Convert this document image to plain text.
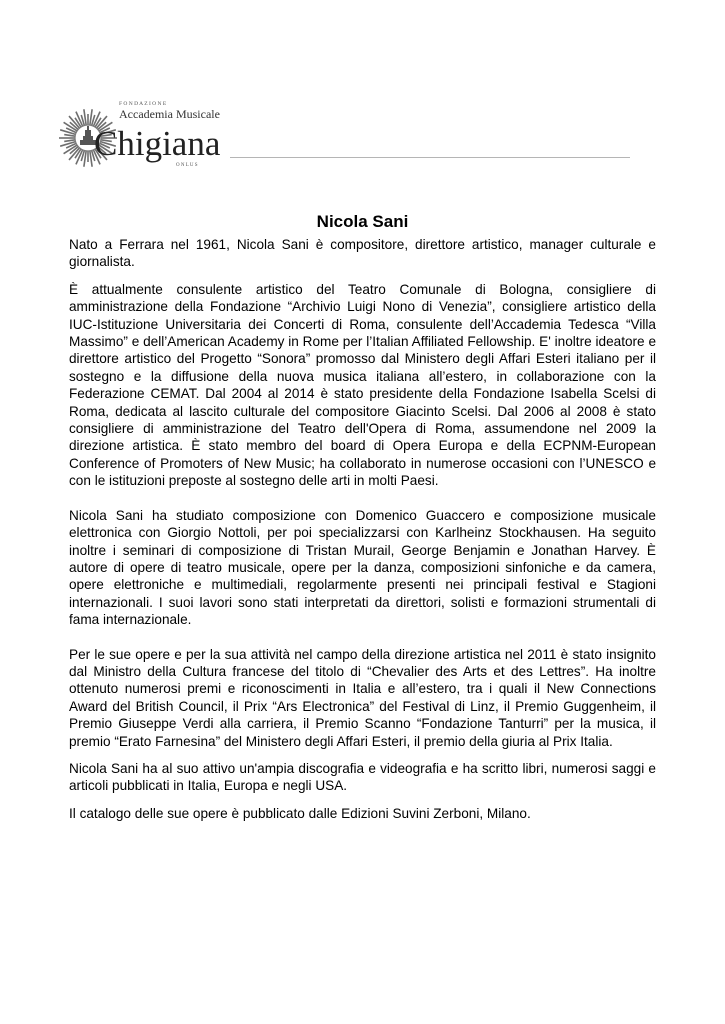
F O N D A Z I O N E
Accademia Musicale
Chigiana
O N L U S
Nicola Sani

Nato a Ferrara nel 1961, Nicola Sani è compositore, direttore artistico, manager culturale e giornalista.

È attualmente consulente artistico del Teatro Comunale di Bologna, consigliere di amministrazione della Fondazione “Archivio Luigi Nono di Venezia”, consigliere artistico della IUC-Istituzione Universitaria dei Concerti di Roma, consulente dell’Accademia Tedesca “Villa Massimo” e dell’American Academy in Rome per l’Italian Affiliated Fellowship. E' inoltre ideatore e direttore artistico del Progetto “Sonora” promosso dal Ministero degli Affari Esteri italiano per il sostegno e la diffusione della nuova musica italiana all’estero, in collaborazione con la Federazione CEMAT. Dal 2004 al 2014 è stato presidente della Fondazione Isabella Scelsi di Roma, dedicata al lascito culturale del compositore Giacinto Scelsi. Dal 2006 al 2008 è stato consigliere di amministrazione del Teatro dell'Opera di Roma, assumendone nel 2009 la direzione artistica. È stato membro del board di Opera Europa e della ECPNM-European Conference of Promoters of New Music; ha collaborato in numerose occasioni con l’UNESCO e con le istituzioni preposte al sostegno delle arti in molti Paesi.

Nicola Sani ha studiato composizione con Domenico Guaccero e composizione musicale elettronica con Giorgio Nottoli, per poi specializzarsi con Karlheinz Stockhausen. Ha seguito inoltre i seminari di composizione di Tristan Murail, George Benjamin e Jonathan Harvey. È autore di opere di teatro musicale, opere per la danza, composizioni sinfoniche e da camera, opere elettroniche e multimediali, regolarmente presenti nei principali festival e Stagioni internazionali. I suoi lavori sono stati interpretati da direttori, solisti e formazioni strumentali di fama internazionale.

Per le sue opere e per la sua attività nel campo della direzione artistica nel 2011 è stato insignito dal Ministro della Cultura francese del titolo di “Chevalier des Arts et des Lettres”. Ha inoltre ottenuto numerosi premi e riconoscimenti in Italia e all’estero, tra i quali il New Connections Award del British Council, il Prix “Ars Electronica” del Festival di Linz, il Premio Guggenheim, il Premio Giuseppe Verdi alla carriera, il Premio Scanno “Fondazione Tanturri” per la musica, il premio “Erato Farnesina” del Ministero degli Affari Esteri, il premio della giuria al Prix Italia.

Nicola Sani ha al suo attivo un'ampia discografia e videografia e ha scritto libri, numerosi saggi e articoli pubblicati in Italia, Europa e negli USA.

Il catalogo delle sue opere è pubblicato dalle Edizioni Suvini Zerboni, Milano.
